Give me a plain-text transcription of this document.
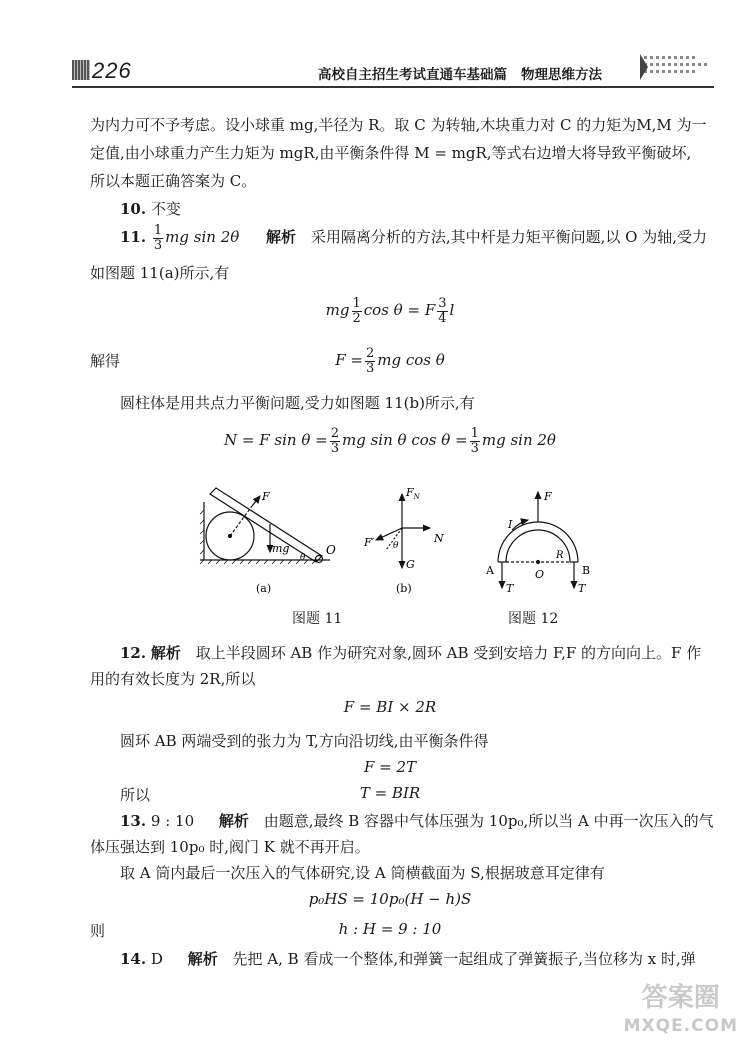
226	高校自主招生考试直通车基础篇 物理思维方法
为内力可不予考虑。设小球重 mg,半径为 R。取 C 为转轴,木块重力对 C 的力矩为M,M 为一
定值,由小球重力产生力矩为 mgR,由平衡条件得 M = mgR,等式右边增大将导致平衡破坏,
所以本题正确答案为 C。
10. 不变
11. $\frac{1}{3}$ mg sin 2θ 解析 采用隔离分析的方法,其中杆是力矩平衡问题,以 O 为轴,受力
如图题 11(a)所示,有
mg $\frac{1}{2}$ cos θ = F $\frac{3}{4}$ l
解得	$F = \frac{2}{3}$ mg cos θ
圆柱体是用共点力平衡问题,受力如图题 11(b)所示,有
N = F $\sin \theta = \frac{2}{3}$ mg sin θ $\cos \theta = \frac{1}{3}$ mg sin 2θ
F
mg
θ
O
(a)
$F_N$
F′ θ
N
G
(b)
F
I
A	B
O
R
T	T
图题 11	图题 12
12. 解析 取上半段圆环 AB 作为研究对象,圆环 AB 受到安培力 F,F 的方向向上。F 作
用的有效长度为 2R,所以
F = BI × 2R
圆环 AB 两端受到的张力为 T,方向沿切线,由平衡条件得
F = 2T
所以	T = BIR
13. 9 : 10 解析 由题意,最终 B 容器中气体压强为 10p₀,所以当 A 中再一次压入的气
体压强达到 10p₀ 时,阀门 K 就不再开启。
取 A 筒内最后一次压入的气体研究,设 A 筒横截面为 S,根据玻意耳定律有
p₀HS = 10p₀(H − h)S
则	h : H = 9 : 10
14. D 解析 先把 A, B 看成一个整体,和弹簧一起组成了弹簧振子,当位移为 x 时,弹
答案圈
MXQE.COM
